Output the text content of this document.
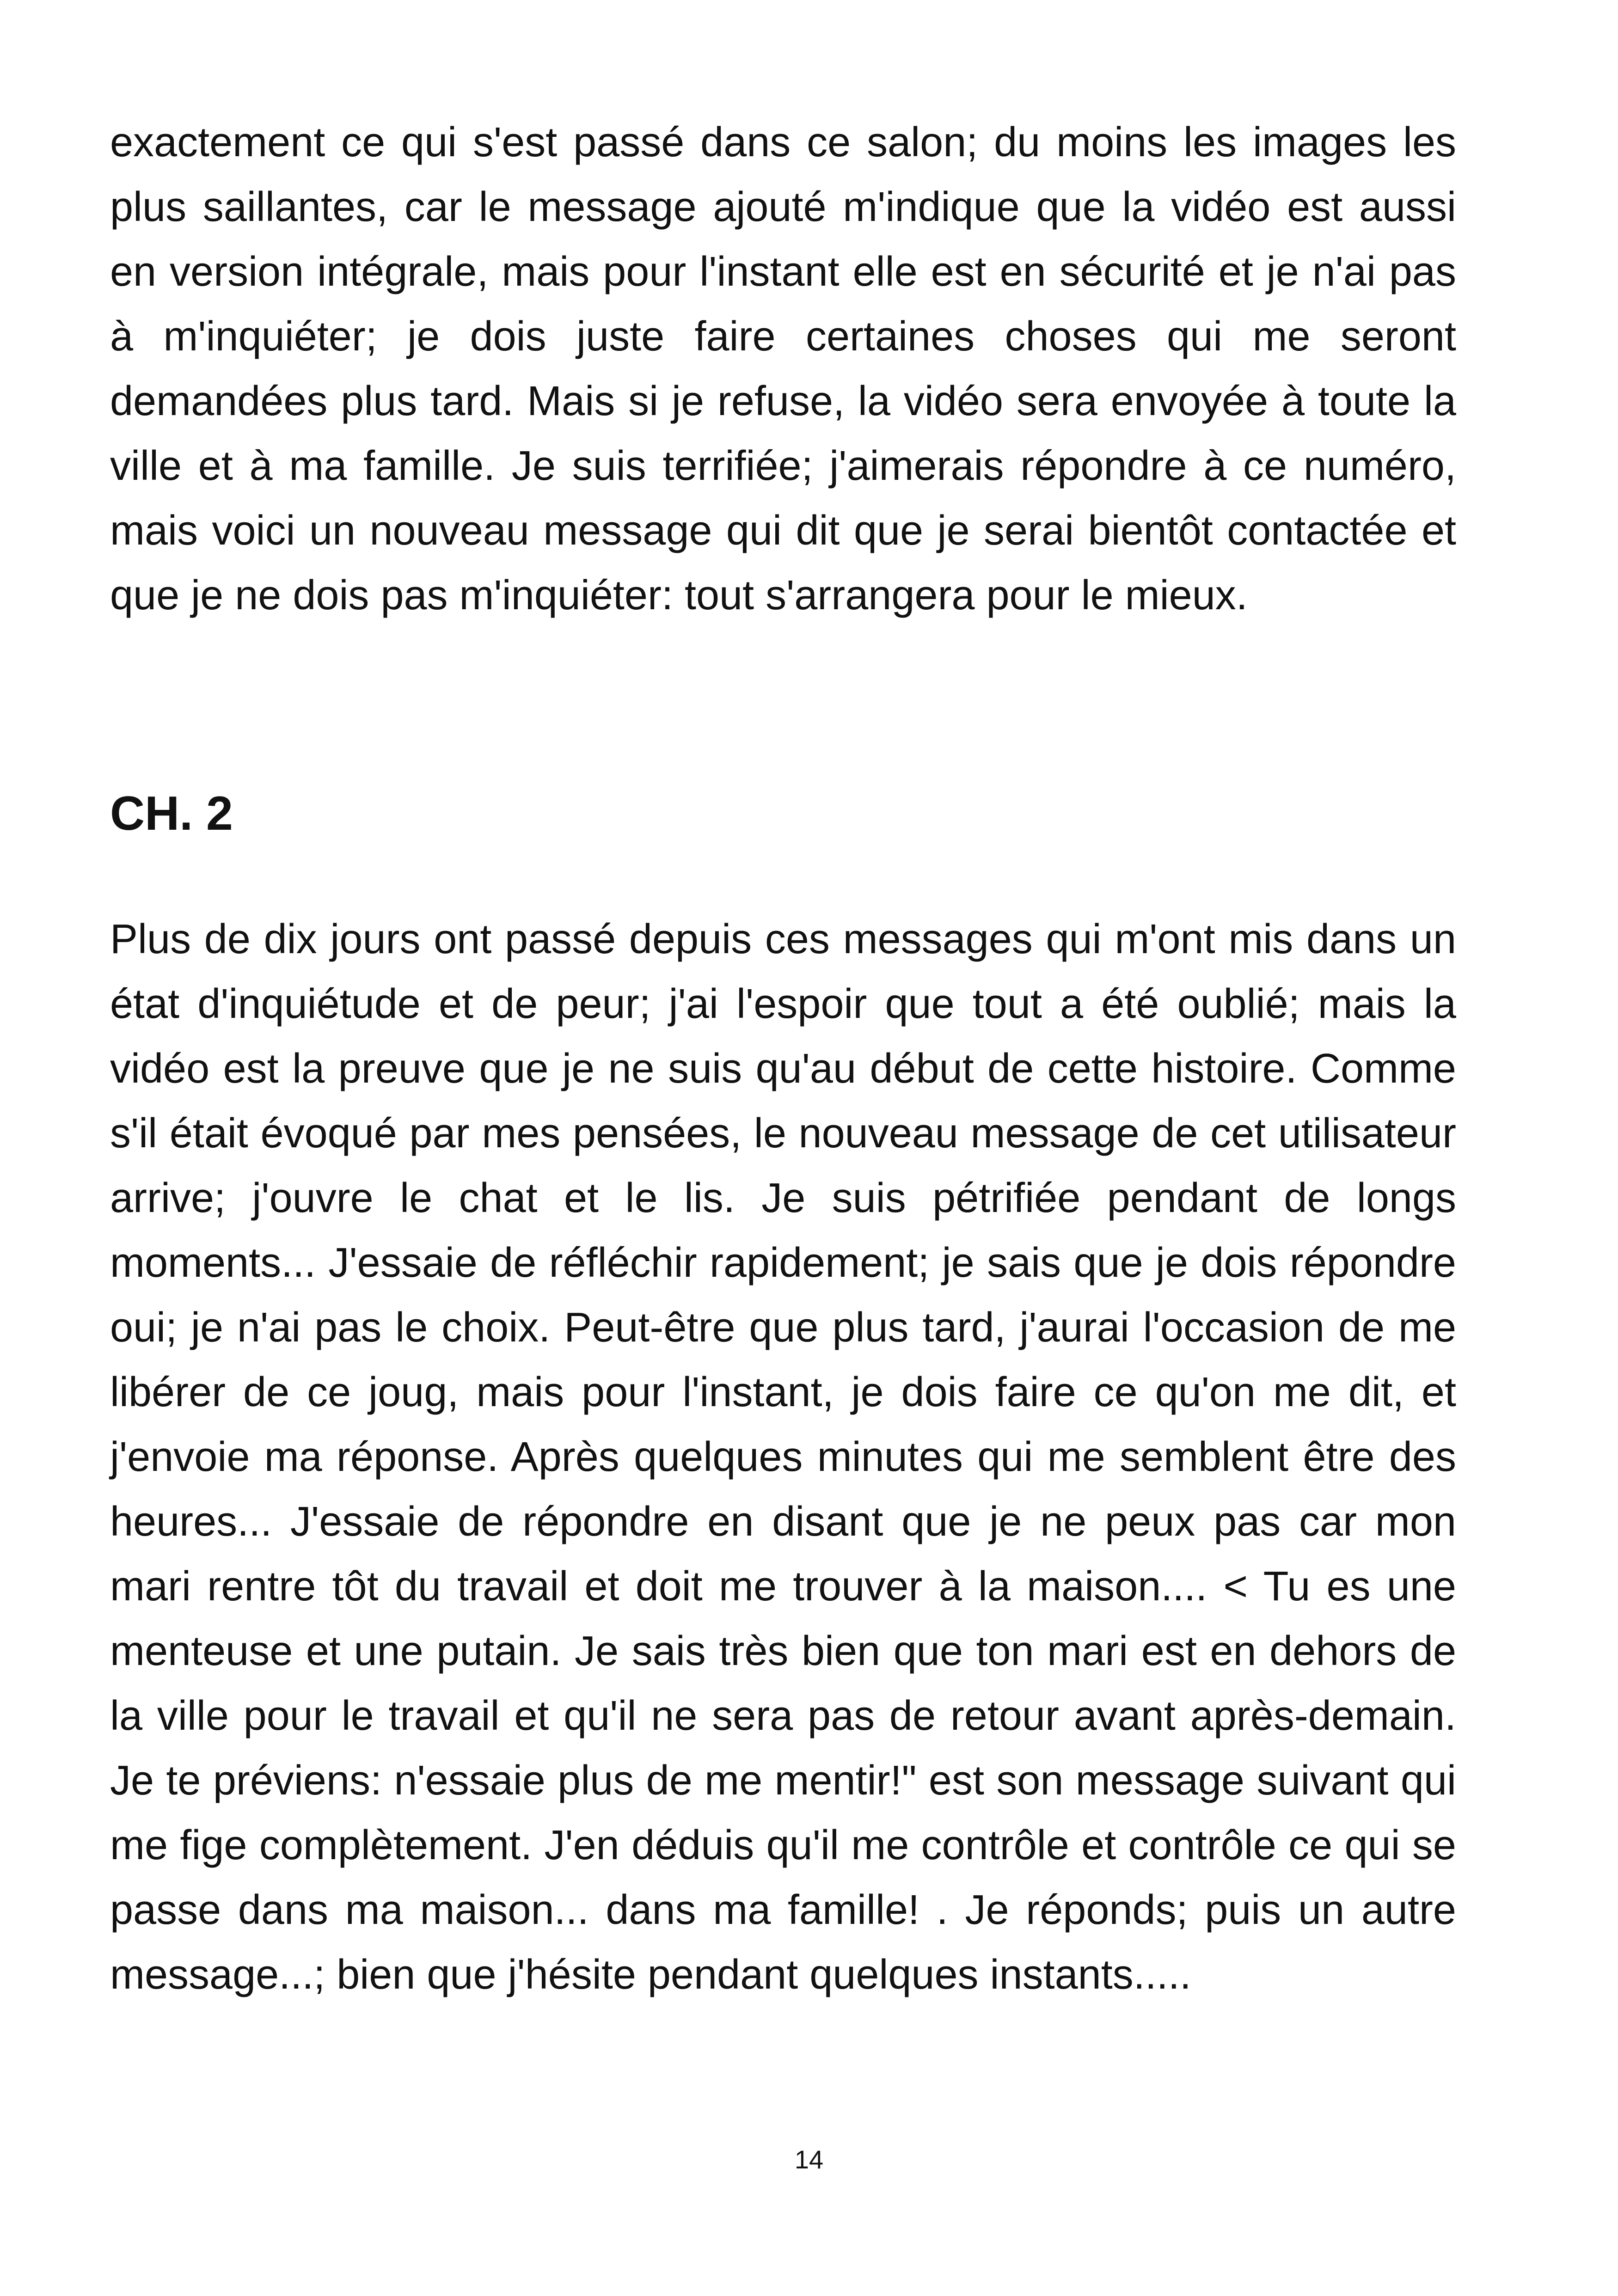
exactement ce qui s'est passé dans ce salon; du moins les images les plus saillantes, car le message ajouté m'indique que la vidéo est aussi en version intégrale, mais pour l'instant elle est en sécurité et je n'ai pas à m'inquiéter; je dois juste faire certaines choses qui me seront demandées plus tard. Mais si je refuse, la vidéo sera envoyée à toute la ville et à ma famille. Je suis terrifiée; j'aimerais répondre à ce numéro, mais voici un nouveau message qui dit que je serai bientôt contactée et que je ne dois pas m'inquiéter: tout s'arrangera pour le mieux.
CH. 2
Plus de dix jours ont passé depuis ces messages qui m'ont mis dans un état d'inquiétude et de peur; j'ai l'espoir que tout a été oublié; mais la vidéo est la preuve que je ne suis qu'au début de cette histoire. Comme s'il était évoqué par mes pensées, le nouveau message de cet utilisateur arrive; j'ouvre le chat et le lis. Je suis pétrifiée pendant de longs moments... J'essaie de réfléchir rapidement; je sais que je dois répondre oui; je n'ai pas le choix. Peut-être que plus tard, j'aurai l'occasion de me libérer de ce joug, mais pour l'instant, je dois faire ce qu'on me dit, et j'envoie ma réponse. Après quelques minutes qui me semblent être des heures... J'essaie de répondre en disant que je ne peux pas car mon mari rentre tôt du travail et doit me trouver à la maison.... < Tu es une menteuse et une putain. Je sais très bien que ton mari est en dehors de la ville pour le travail et qu'il ne sera pas de retour avant après-demain. Je te préviens: n'essaie plus de me mentir!" est son message suivant qui me fige complètement. J'en déduis qu'il me contrôle et contrôle ce qui se passe dans ma maison... dans ma famille! . Je réponds; puis un autre message...; bien que j'hésite pendant quelques instants.....
14
